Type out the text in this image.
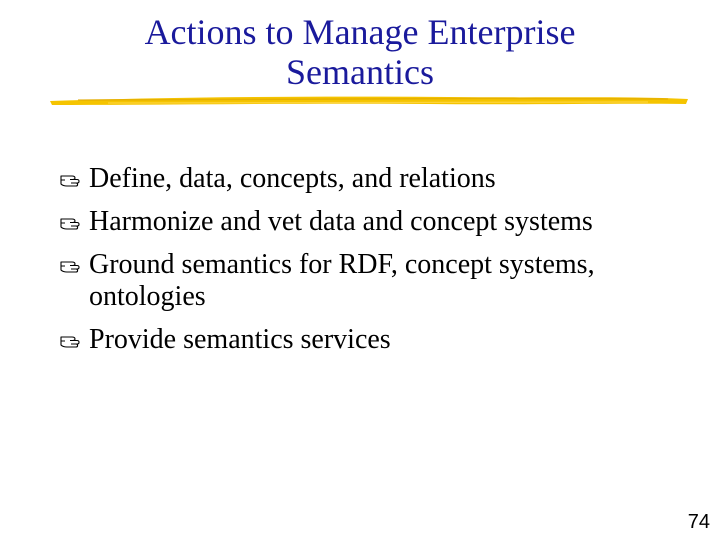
Actions to Manage Enterprise
Semantics
Define, data, concepts, and relations
Harmonize and vet data and concept systems
Ground semantics for RDF, concept systems, ontologies
Provide semantics services
74
